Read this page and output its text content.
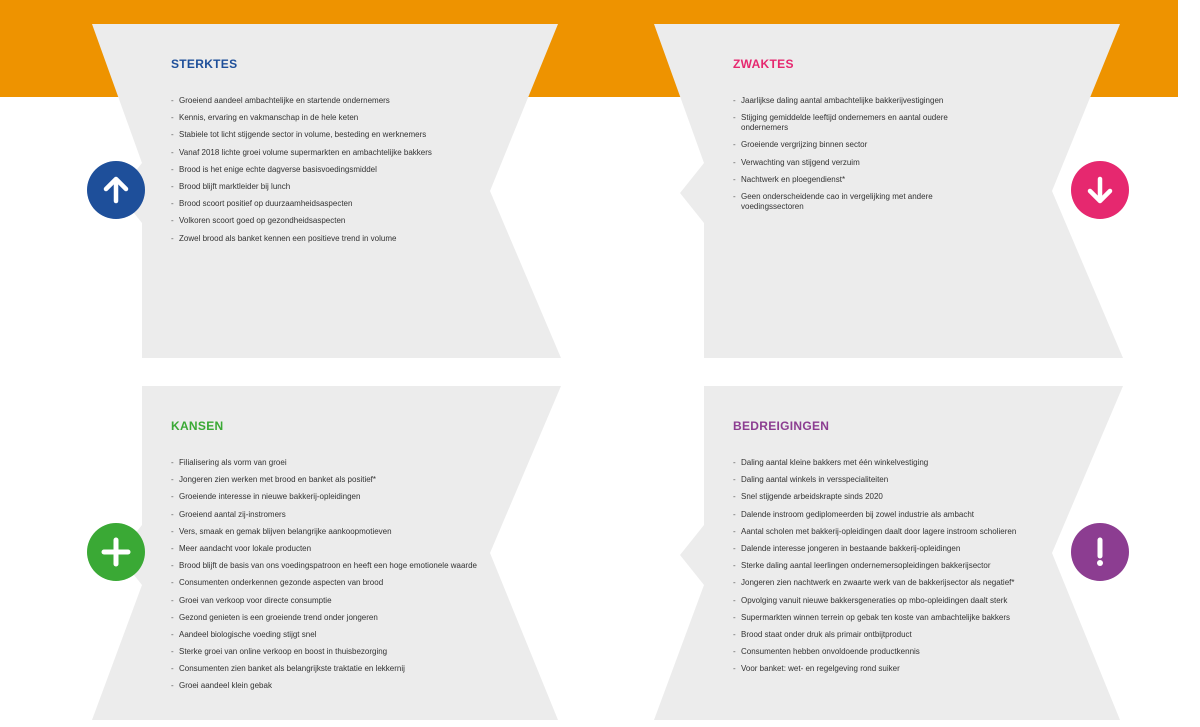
STERKTES
- Groeiend aandeel ambachtelijke en startende ondernemers
- Kennis, ervaring en vakmanschap in de hele keten
- Stabiele tot licht stijgende sector in volume, besteding en werknemers
- Vanaf 2018 lichte groei volume supermarkten en ambachtelijke bakkers
- Brood is het enige echte dagverse basisvoedingsmiddel
- Brood blijft marktleider bij lunch
- Brood scoort positief op duurzaamheidsaspecten
- Volkoren scoort goed op gezondheidsaspecten
- Zowel brood als banket kennen een positieve trend in volume
ZWAKTES
- Jaarlijkse daling aantal ambachtelijke bakkerijvestigingen
- Stijging gemiddelde leeftijd ondernemers en aantal oudere ondernemers
- Groeiende vergrijzing binnen sector
- Verwachting van stijgend verzuim
- Nachtwerk en ploegendienst*
- Geen onderscheidende cao in vergelijking met andere voedingssectoren
KANSEN
- Filialisering als vorm van groei
- Jongeren zien werken met brood en banket als positief*
- Groeiende interesse in nieuwe bakkerij-opleidingen
- Groeiend aantal zij-instromers
- Vers, smaak en gemak blijven belangrijke aankoopmotieven
- Meer aandacht voor lokale producten
- Brood blijft de basis van ons voedingspatroon en heeft een hoge emotionele waarde
- Consumenten onderkennen gezonde aspecten van brood
- Groei van verkoop voor directe consumptie
- Gezond genieten is een groeiende trend onder jongeren
- Aandeel biologische voeding stijgt snel
- Sterke groei van online verkoop en boost in thuisbezorging
- Consumenten zien banket als belangrijkste traktatie en lekkernij
- Groei aandeel klein gebak
BEDREIGINGEN
- Daling aantal kleine bakkers met één winkelvestiging
- Daling aantal winkels in versspecialiteiten
- Snel stijgende arbeidskrapte sinds 2020
- Dalende instroom gediplomeerden bij zowel industrie als ambacht
- Aantal scholen met bakkerij-opleidingen daalt door lagere instroom scholieren
- Dalende interesse jongeren in bestaande bakkerij-opleidingen
- Sterke daling aantal leerlingen ondernemersopleidingen bakkerijsector
- Jongeren zien nachtwerk en zwaarte werk van de bakkerijsector als negatief*
- Opvolging vanuit nieuwe bakkersgeneraties op mbo-opleidingen daalt sterk
- Supermarkten winnen terrein op gebak ten koste van ambachtelijke bakkers
- Brood staat onder druk als primair ontbijtproduct
- Consumenten hebben onvoldoende productkennis
- Voor banket: wet- en regelgeving rond suiker
